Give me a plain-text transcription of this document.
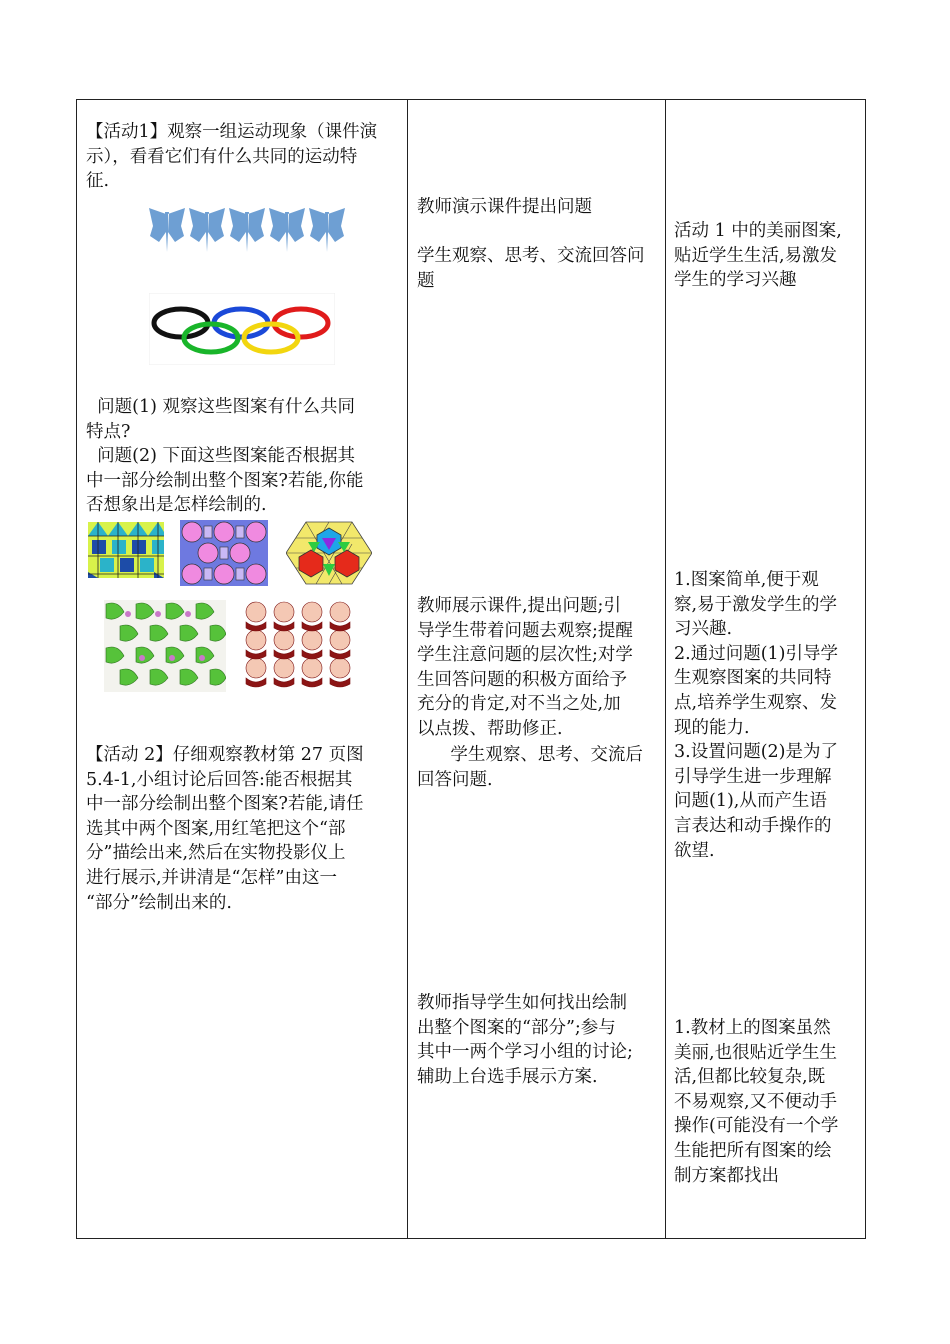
【活动1】观察一组运动现象（课件演
示），看看它们有什么共同的运动特
征.
问题(1) 观察这些图案有什么共同
特点?
问题(2) 下面这些图案能否根据其
中一部分绘制出整个图案?若能,你能
否想象出是怎样绘制的.
【活动 2】仔细观察教材第 27 页图
5.4-1,小组讨论后回答:能否根据其
中一部分绘制出整个图案?若能,请任
选其中两个图案,用红笔把这个“部
分”描绘出来,然后在实物投影仪上
进行展示,并讲清是“怎样”由这一
“部分”绘制出来的.
教师演示课件提出问题
学生观察、思考、交流回答问
题
教师展示课件,提出问题;引
导学生带着问题去观察;提醒
学生注意问题的层次性;对学
生回答问题的积极方面给予
充分的肯定,对不当之处,加
以点拨、帮助修正.
学生观察、思考、交流后
回答问题.
教师指导学生如何找出绘制
出整个图案的“部分”;参与
其中一两个学习小组的讨论;
辅助上台选手展示方案.
活动 1 中的美丽图案,
贴近学生生活,易激发
学生的学习兴趣
1.图案简单,便于观
察,易于激发学生的学
习兴趣.
2.通过问题(1)引导学
生观察图案的共同特
点,培养学生观察、发
现的能力.
3.设置问题(2)是为了
引导学生进一步理解
问题(1),从而产生语
言表达和动手操作的
欲望.
1.教材上的图案虽然
美丽,也很贴近学生生
活,但都比较复杂,既
不易观察,又不便动手
操作(可能没有一个学
生能把所有图案的绘
制方案都找出
